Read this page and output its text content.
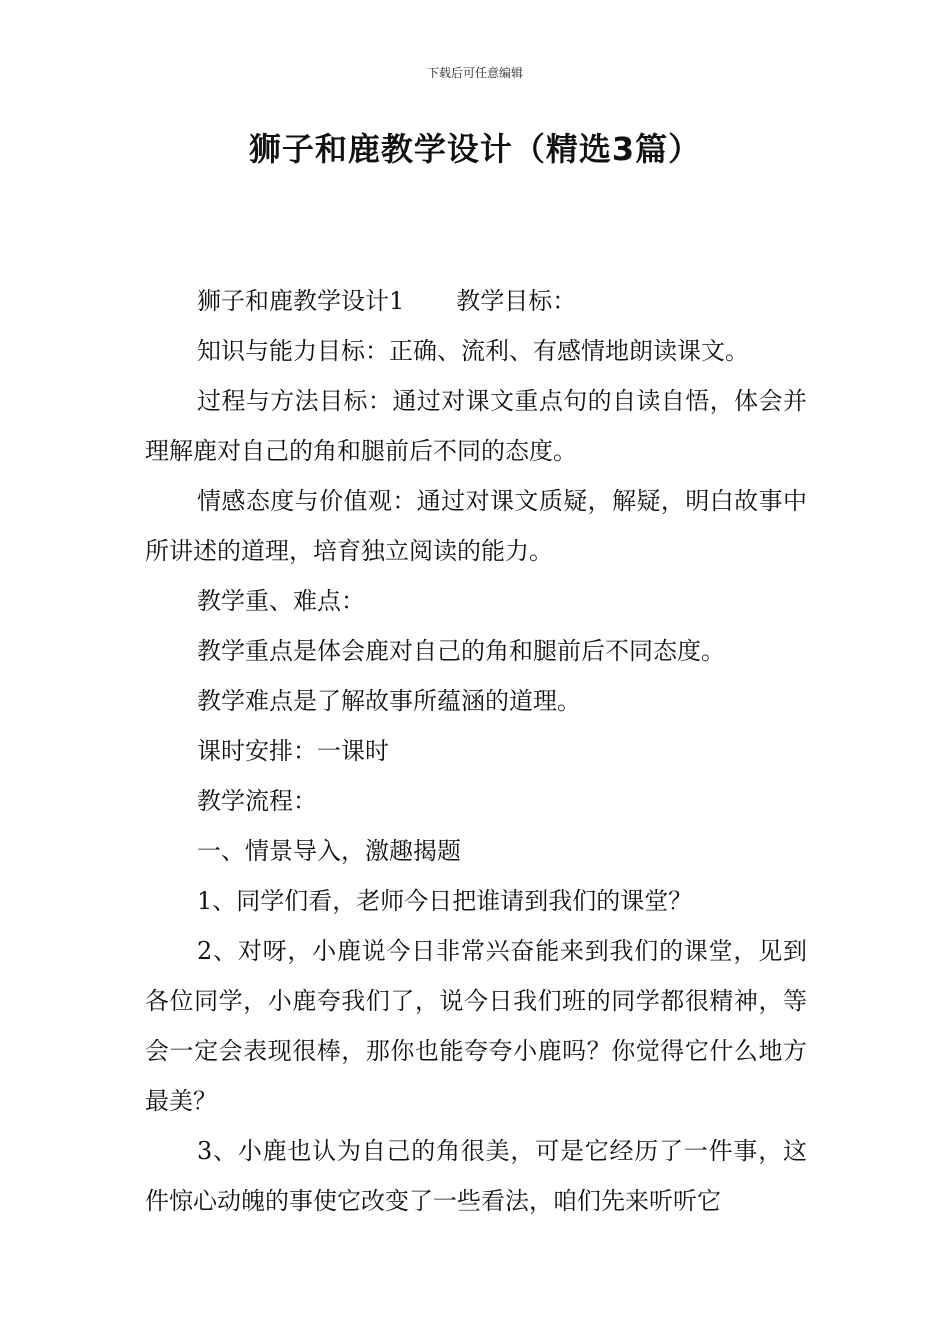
下载后可任意编辑
狮子和鹿教学设计（精选3篇）

狮子和鹿教学设计1 教学目标：

知识与能力目标：正确、流利、有感情地朗读课文。

过程与方法目标：通过对课文重点句的自读自悟，体会并理解鹿对自己的角和腿前后不同的态度。

情感态度与价值观：通过对课文质疑，解疑，明白故事中所讲述的道理，培育独立阅读的能力。

教学重、难点：

教学重点是体会鹿对自己的角和腿前后不同态度。

教学难点是了解故事所蕴涵的道理。

课时安排：一课时

教学流程：

一、情景导入，激趣揭题

1、同学们看，老师今日把谁请到我们的课堂？

2、对呀，小鹿说今日非常兴奋能来到我们的课堂，见到各位同学，小鹿夸我们了，说今日我们班的同学都很精神，等会一定会表现很棒，那你也能夸夸小鹿吗？你觉得它什么地方最美？

3、小鹿也认为自己的角很美，可是它经历了一件事，这件惊心动魄的事使它改变了一些看法，咱们先来听听它
